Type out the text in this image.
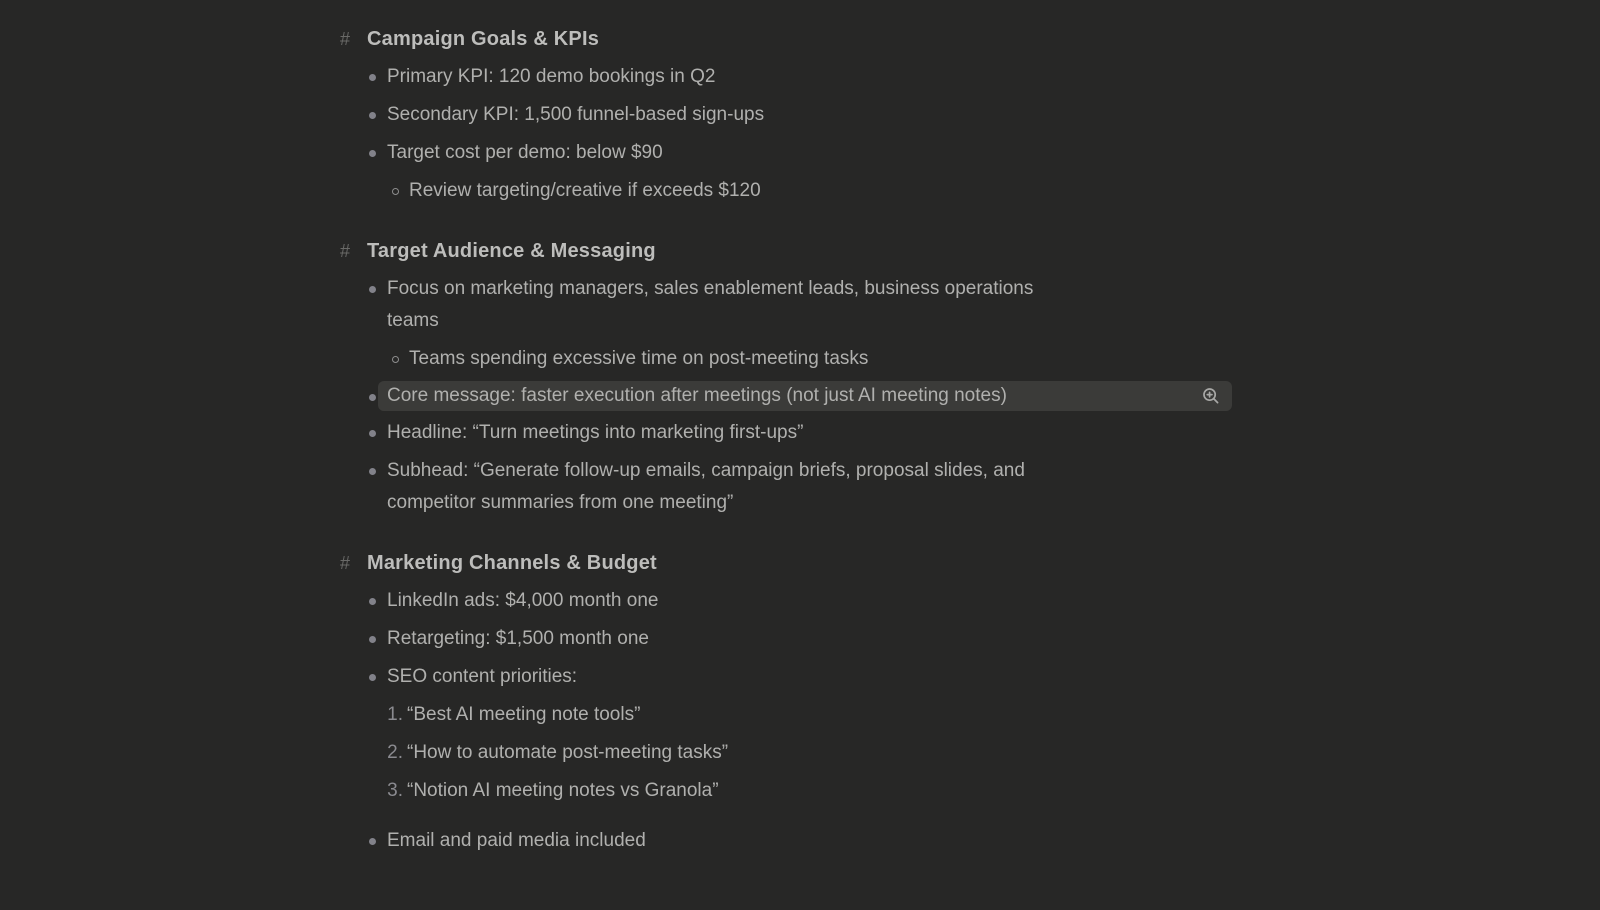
# Campaign Goals & KPIs
Primary KPI: 120 demo bookings in Q2
Secondary KPI: 1,500 funnel-based sign-ups
Target cost per demo: below $90
Review targeting/creative if exceeds $120
# Target Audience & Messaging
Focus on marketing managers, sales enablement leads, business operations teams
Teams spending excessive time on post-meeting tasks
Core message: faster execution after meetings (not just AI meeting notes)
Headline: “Turn meetings into marketing first-ups”
Subhead: “Generate follow-up emails, campaign briefs, proposal slides, and competitor summaries from one meeting”
# Marketing Channels & Budget
LinkedIn ads: $4,000 month one
Retargeting: $1,500 month one
SEO content priorities:
1. “Best AI meeting note tools”
2. “How to automate post-meeting tasks”
3. “Notion AI meeting notes vs Granola”
Email and paid media included
